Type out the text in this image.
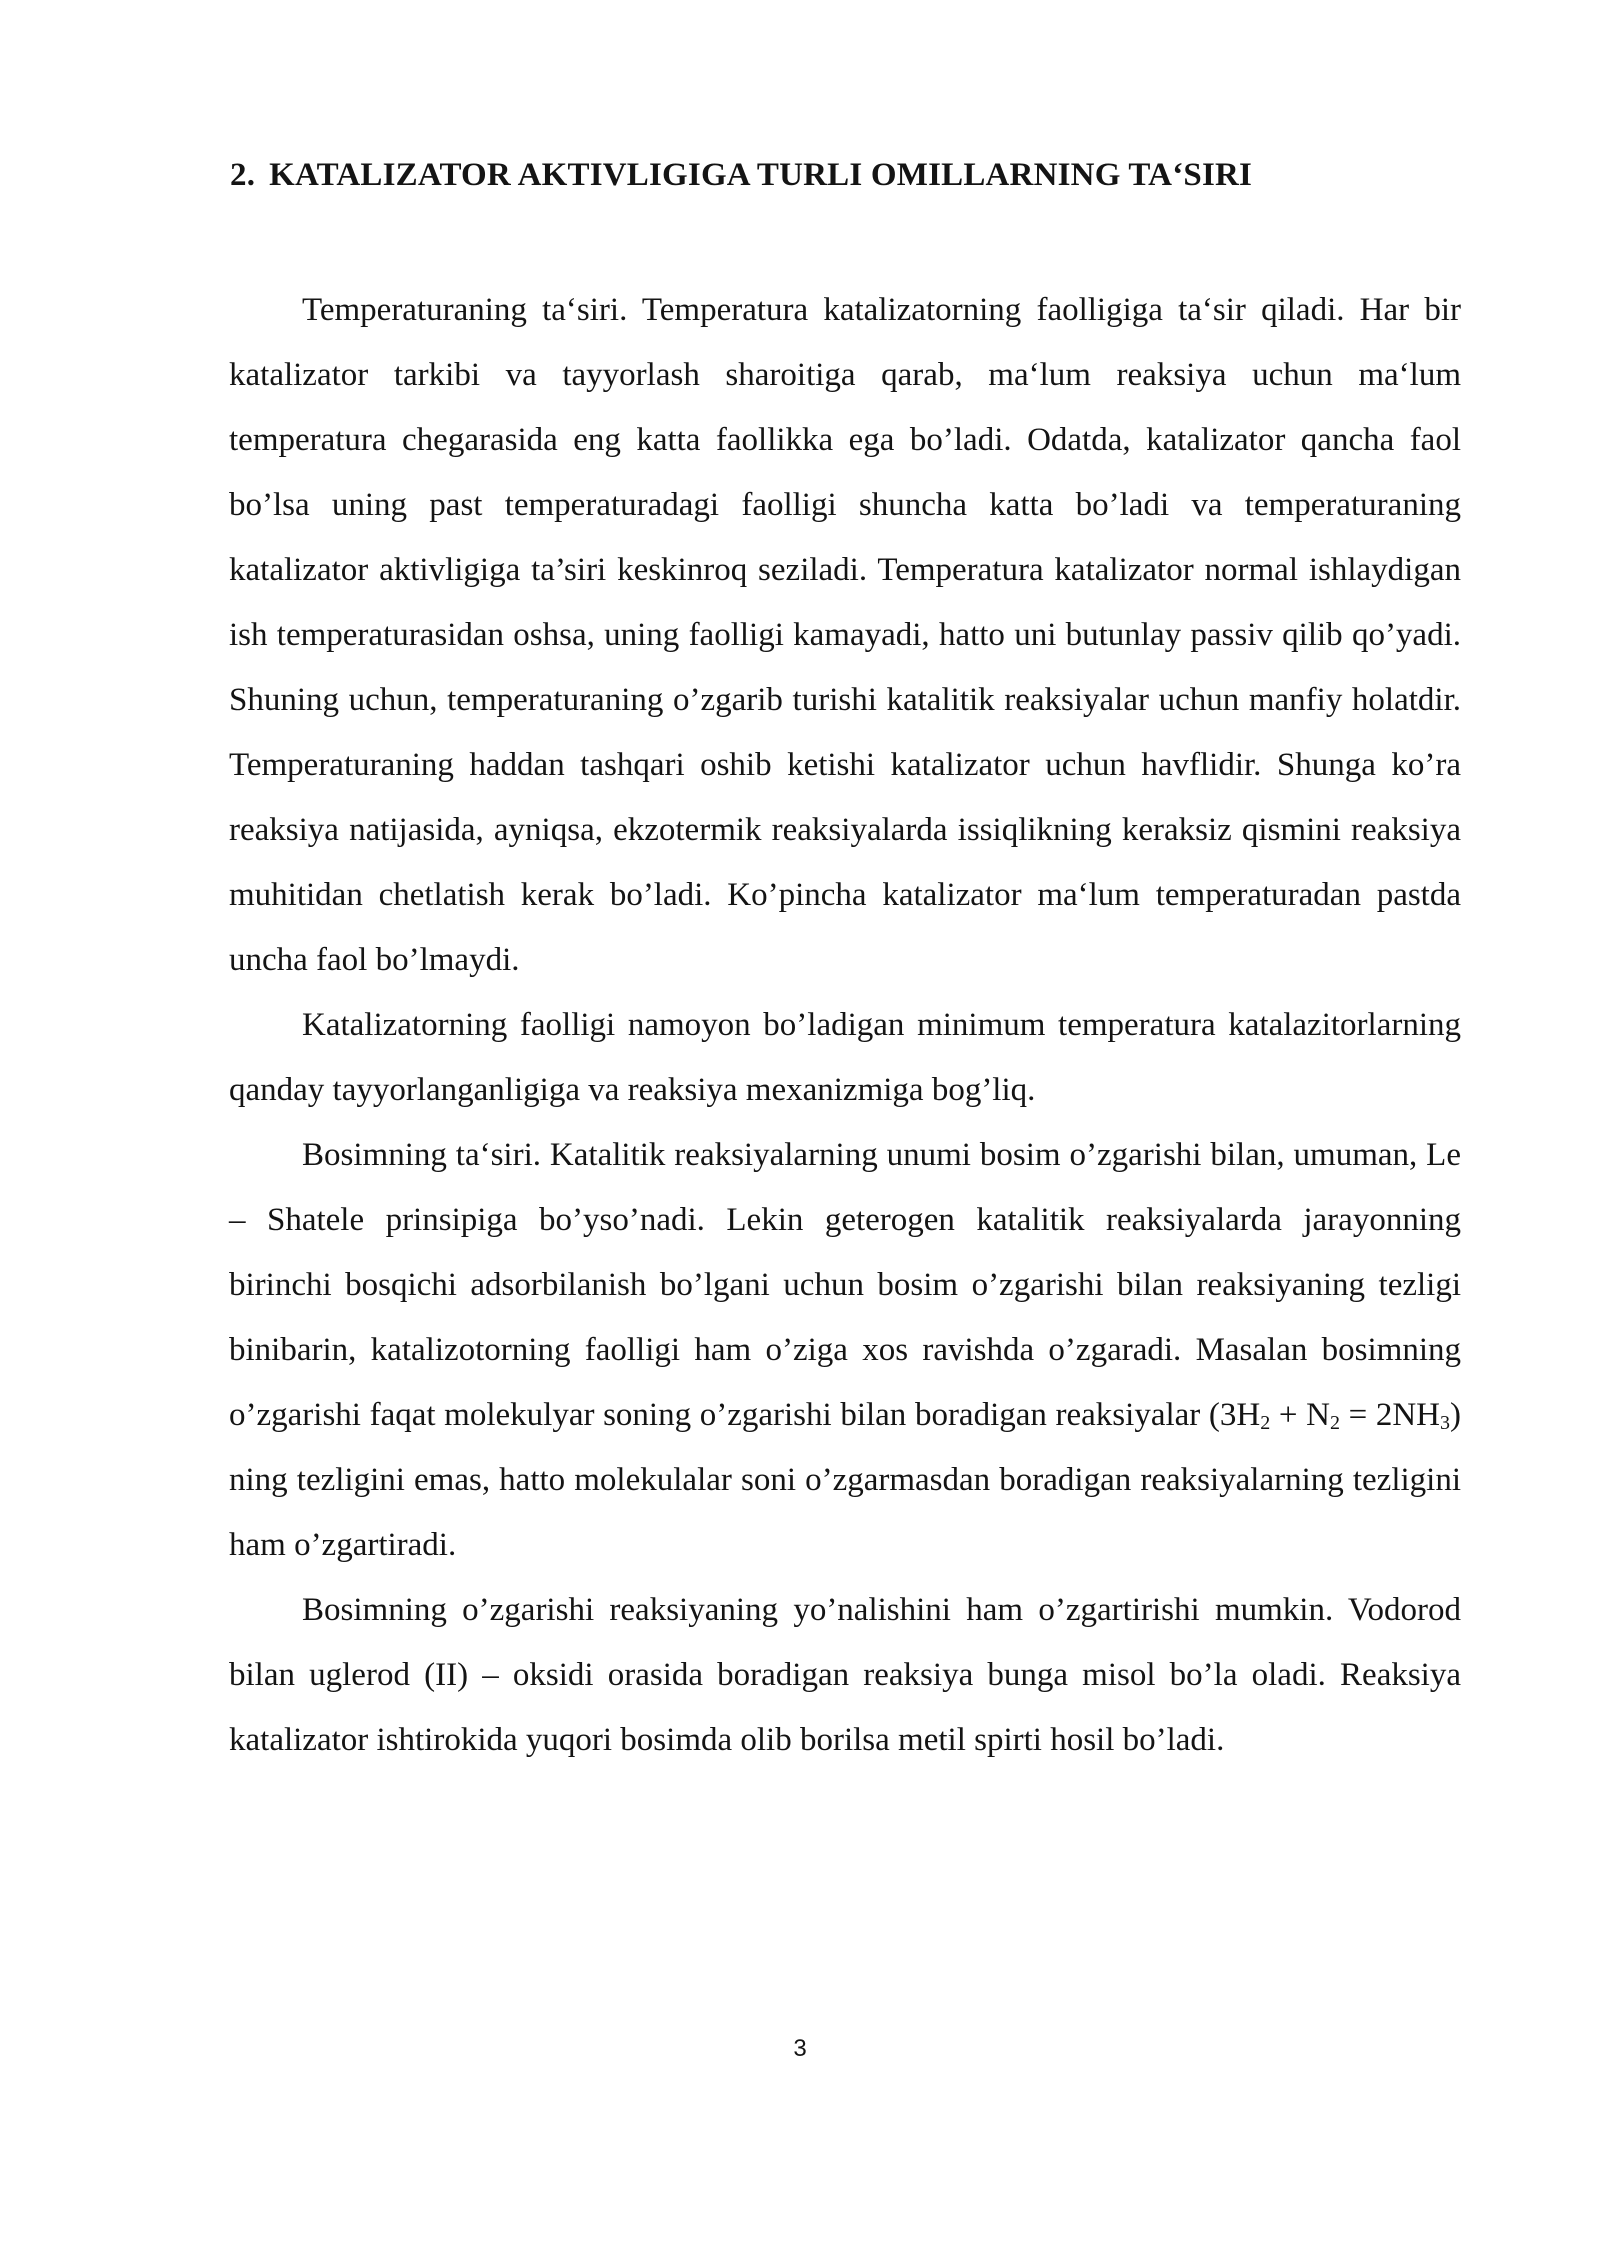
2. KATALIZATOR AKTIVLIGIGA TURLI OMILLARNING TA‘SIRI

Temperaturaning ta‘siri. Temperatura katalizatorning faolligiga ta‘sir qiladi. Har bir katalizator tarkibi va tayyorlash sharoitiga qarab, ma‘lum reaksiya uchun ma‘lum temperatura chegarasida eng katta faollikka ega bo’ladi. Odatda, katalizator qancha faol bo’lsa uning past temperaturadagi faolligi shuncha katta bo’ladi va temperaturaning katalizator aktivligiga ta’siri keskinroq seziladi. Temperatura katalizator normal ishlaydigan ish temperaturasidan oshsa, uning faolligi kamayadi, hatto uni butunlay passiv qilib qo’yadi. Shuning uchun, temperaturaning o’zgarib turishi katalitik reaksiyalar uchun manfiy holatdir. Temperaturaning haddan tashqari oshib ketishi katalizator uchun havflidir. Shunga ko’ra reaksiya natijasida, ayniqsa, ekzotermik reaksiyalarda issiqlikning keraksiz qismini reaksiya muhitidan chetlatish kerak bo’ladi. Ko’pincha katalizator ma‘lum temperaturadan pastda uncha faol bo’lmaydi.

Katalizatorning faolligi namoyon bo’ladigan minimum temperatura katalazitorlarning qanday tayyorlanganligiga va reaksiya mexanizmiga bog’liq.

Bosimning ta‘siri. Katalitik reaksiyalarning unumi bosim o’zgarishi bilan, umuman, Le – Shatele prinsipiga bo’yso’nadi. Lekin geterogen katalitik reaksiyalarda jarayonning birinchi bosqichi adsorbilanish bo’lgani uchun bosim o’zgarishi bilan reaksiyaning tezligi binibarin, katalizotorning faolligi ham o’ziga xos ravishda o’zgaradi. Masalan bosimning o’zgarishi faqat molekulyar soning o’zgarishi bilan boradigan reaksiyalar $(3H_2 + N_2 = 2NH_3)$ ning tezligini emas, hatto molekulalar soni o’zgarmasdan boradigan reaksiyalarning tezligini ham o’zgartiradi.

Bosimning o’zgarishi reaksiyaning yo’nalishini ham o’zgartirishi mumkin. Vodorod bilan uglerod (II) – oksidi orasida boradigan reaksiya bunga misol bo’la oladi. Reaksiya katalizator ishtirokida yuqori bosimda olib borilsa metil spirti hosil bo’ladi.

3
